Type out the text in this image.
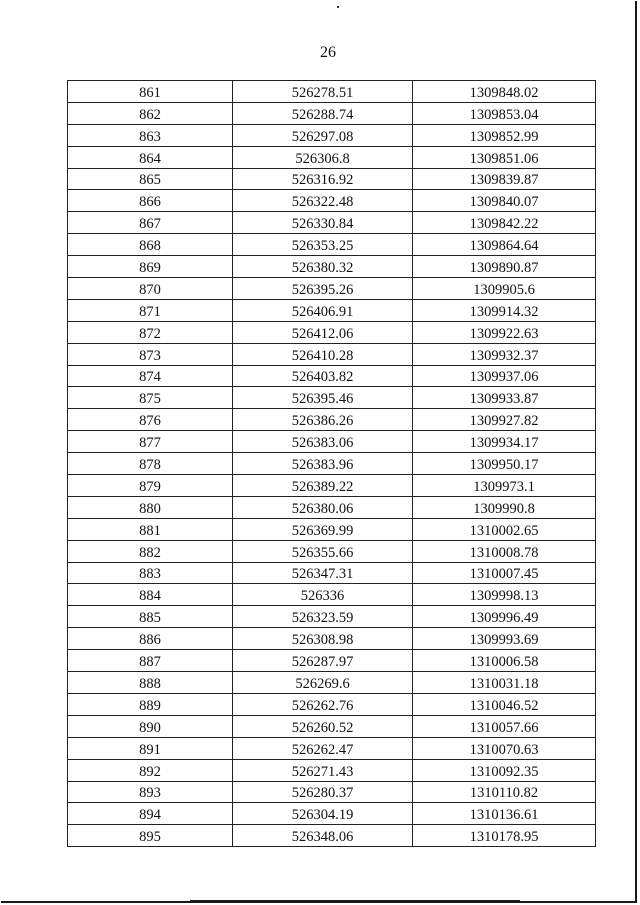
26
861	526278.51	1309848.02
862	526288.74	1309853.04
863	526297.08	1309852.99
864	526306.8	1309851.06
865	526316.92	1309839.87
866	526322.48	1309840.07
867	526330.84	1309842.22
868	526353.25	1309864.64
869	526380.32	1309890.87
870	526395.26	1309905.6
871	526406.91	1309914.32
872	526412.06	1309922.63
873	526410.28	1309932.37
874	526403.82	1309937.06
875	526395.46	1309933.87
876	526386.26	1309927.82
877	526383.06	1309934.17
878	526383.96	1309950.17
879	526389.22	1309973.1
880	526380.06	1309990.8
881	526369.99	1310002.65
882	526355.66	1310008.78
883	526347.31	1310007.45
884	526336	1309998.13
885	526323.59	1309996.49
886	526308.98	1309993.69
887	526287.97	1310006.58
888	526269.6	1310031.18
889	526262.76	1310046.52
890	526260.52	1310057.66
891	526262.47	1310070.63
892	526271.43	1310092.35
893	526280.37	1310110.82
894	526304.19	1310136.61
895	526348.06	1310178.95
